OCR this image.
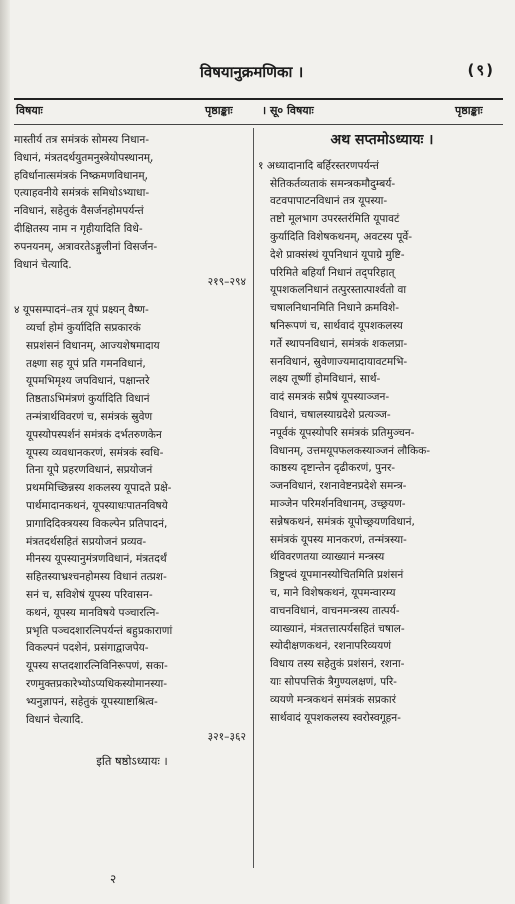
विषयानुक्रमणिका ।	(९)
विषयाः	पृष्ठाङ्काः	। सू० विषयाः	पृष्ठाङ्काः
मास्तीर्य तत्र समंत्रकं सोमस्य निधान-
विधानं, मंत्रतदर्थयुतमनुस्त्रेयोपस्थानम्,
हविर्धानात्समंत्रकं निष्क्रमणविधानम्,
एत्याहवनीये समंत्रकं समिधोऽभ्याधा-
नविधानं, सहेतुकं वैसर्जनहोमपर्यन्तं
दीक्षितस्य नाम न गृहीयादिति विधे-
रुपनयनम्, अत्रावरतेऽङ्गुलीनां विसर्जन-
विधानं चेत्यादि.
२१९–२९४
४ यूपसम्पादनं–तत्र यूपं प्रक्ष्यन् वैष्ण-
व्यर्चा होमं कुर्यादिति सप्रकारकं
सप्रशंसनं विधानम्, आज्यशेषमादाय
तक्ष्णा सह यूपं प्रति गमनविधानं,
यूपमभिमृश्य जपविधानं, पक्षान्तरे
तिष्ठताऽभिमंत्रणं कुर्यादिति विधानं
तन्मंत्रार्थविवरणं च, समंत्रकं स्रुवेण
यूपस्योपस्पर्शनं समंत्रकं दर्भतरुणकेन
यूपस्य व्यवधानकरणं, समंत्रकं स्वधि-
तिना यूपे प्रहरणविधानं, सप्रयोजनं
प्रथममिच्छिन्नस्य शकलस्य यूपादते प्रक्षे-
पार्थमादानकथनं, यूपस्याधःपातनविषये
प्रागादिदिक्त्रयस्य विकल्पेन प्रतिपादनं,
मंत्रतदर्थसहितं सप्रयोजनं प्रव्यव-
मीनस्य यूपस्यानुमंत्रणविधानं, मंत्रतदर्थं
सहितस्याभ्रश्चनहोमस्य विधानं तत्प्रश-
सनं च, सविशेषं यूपस्य परिवासन-
कथनं, यूपस्य मानविषये पञ्चारत्नि-
प्रभृति पञ्चदशारत्निपर्यन्तं बहुप्रकाराणां
विकल्पनं पदशेनं, प्रसंगाद्वाजपेय-
यूपस्य सप्तदशारत्निविनिरूपणं, सका-
रणमुक्तप्रकारेभ्योऽप्यधिकस्योमानस्या-
भ्यनुज्ञापनं, सहेतुकं यूपस्याष्टाश्रित्व-
विधानं चेत्यादि.
३२१–३६२
इति षष्ठोऽध्यायः ।
अथ सप्तमोऽध्यायः ।
१ अध्यादानादि बर्हिरस्तरणपर्यन्तं
सेतिकर्तव्यताकं समन्त्रकमौदुम्बर्य-
वटवपापाटनविधानं तत्र यूपस्या-
तष्टो मूलभाग उपरस्तरंमिति यूपावटं
कुर्यादिति विशेषकथनम्, अवटस्य पूर्वे-
देशे प्राक्संस्थं यूपनिधानं यूपाग्रे मुष्टि-
परिमिते बहिर्यां निधानं तद्‌परिहात्
यूपशकलनिधानं तत्पुरस्तात्पार्श्वतो वा
चषालनिधानमिति निधाने क्रमविशे-
षनिरूपणं च, सार्थवादं यूपशकलस्य
गर्ते स्थापनविधानं, समंत्रकं शकलप्रा-
सनविधानं, स्रुवेणाज्यमादायावटमभि-
लक्ष्य तूष्णीं होमविधानं, सार्थ-
वादं समत्रकं सप्रैषं यूपस्याञ्जन-
विधानं, चषालस्याग्रदेशे प्रत्यञ्ज-
नपूर्वकं यूपस्योपरि समंत्रकं प्रतिमुञ्चन-
विधानम्, उत्तमयूपफलकस्याञ्जनं लौकिक-
काष्ठस्य दृष्टान्तेन दृढीकरणं, पुनर-
ञ्जनविधानं, रशनावेष्टनप्रदेशे समन्त्र-
माञ्जेन परिमर्शनविधानम्, उच्छ्रयण-
सन्नेषकथनं, समंत्रकं यूपोच्छ्रयणविधानं,
समंत्रकं यूपस्य मानकरणं, तन्मंत्रस्या-
र्थविवरणतया व्याख्यानं मन्त्रस्य
त्रिष्टुप्त्वं यूपमानस्योचितमिति प्रशंसनं
च, माने विशेषकथनं, यूपमन्वारम्य
वाचनविधानं, वाचनमन्त्रस्य तात्पर्य-
व्याख्यानं, मंत्रतत्तात्पर्यसहितं चषाल-
स्योदीक्षणकथनं, रशनापरिव्ययणं
विधाय तस्य सहेतुकं प्रशंसनं, रशना-
याः सोपपत्तिकं त्रैगुण्यलक्षणं, परि-
व्ययणे मन्त्रकथनं समंत्रकं सप्रकारं
सार्थवादं यूपशकलस्य स्वरोस्वगूहन-
२
